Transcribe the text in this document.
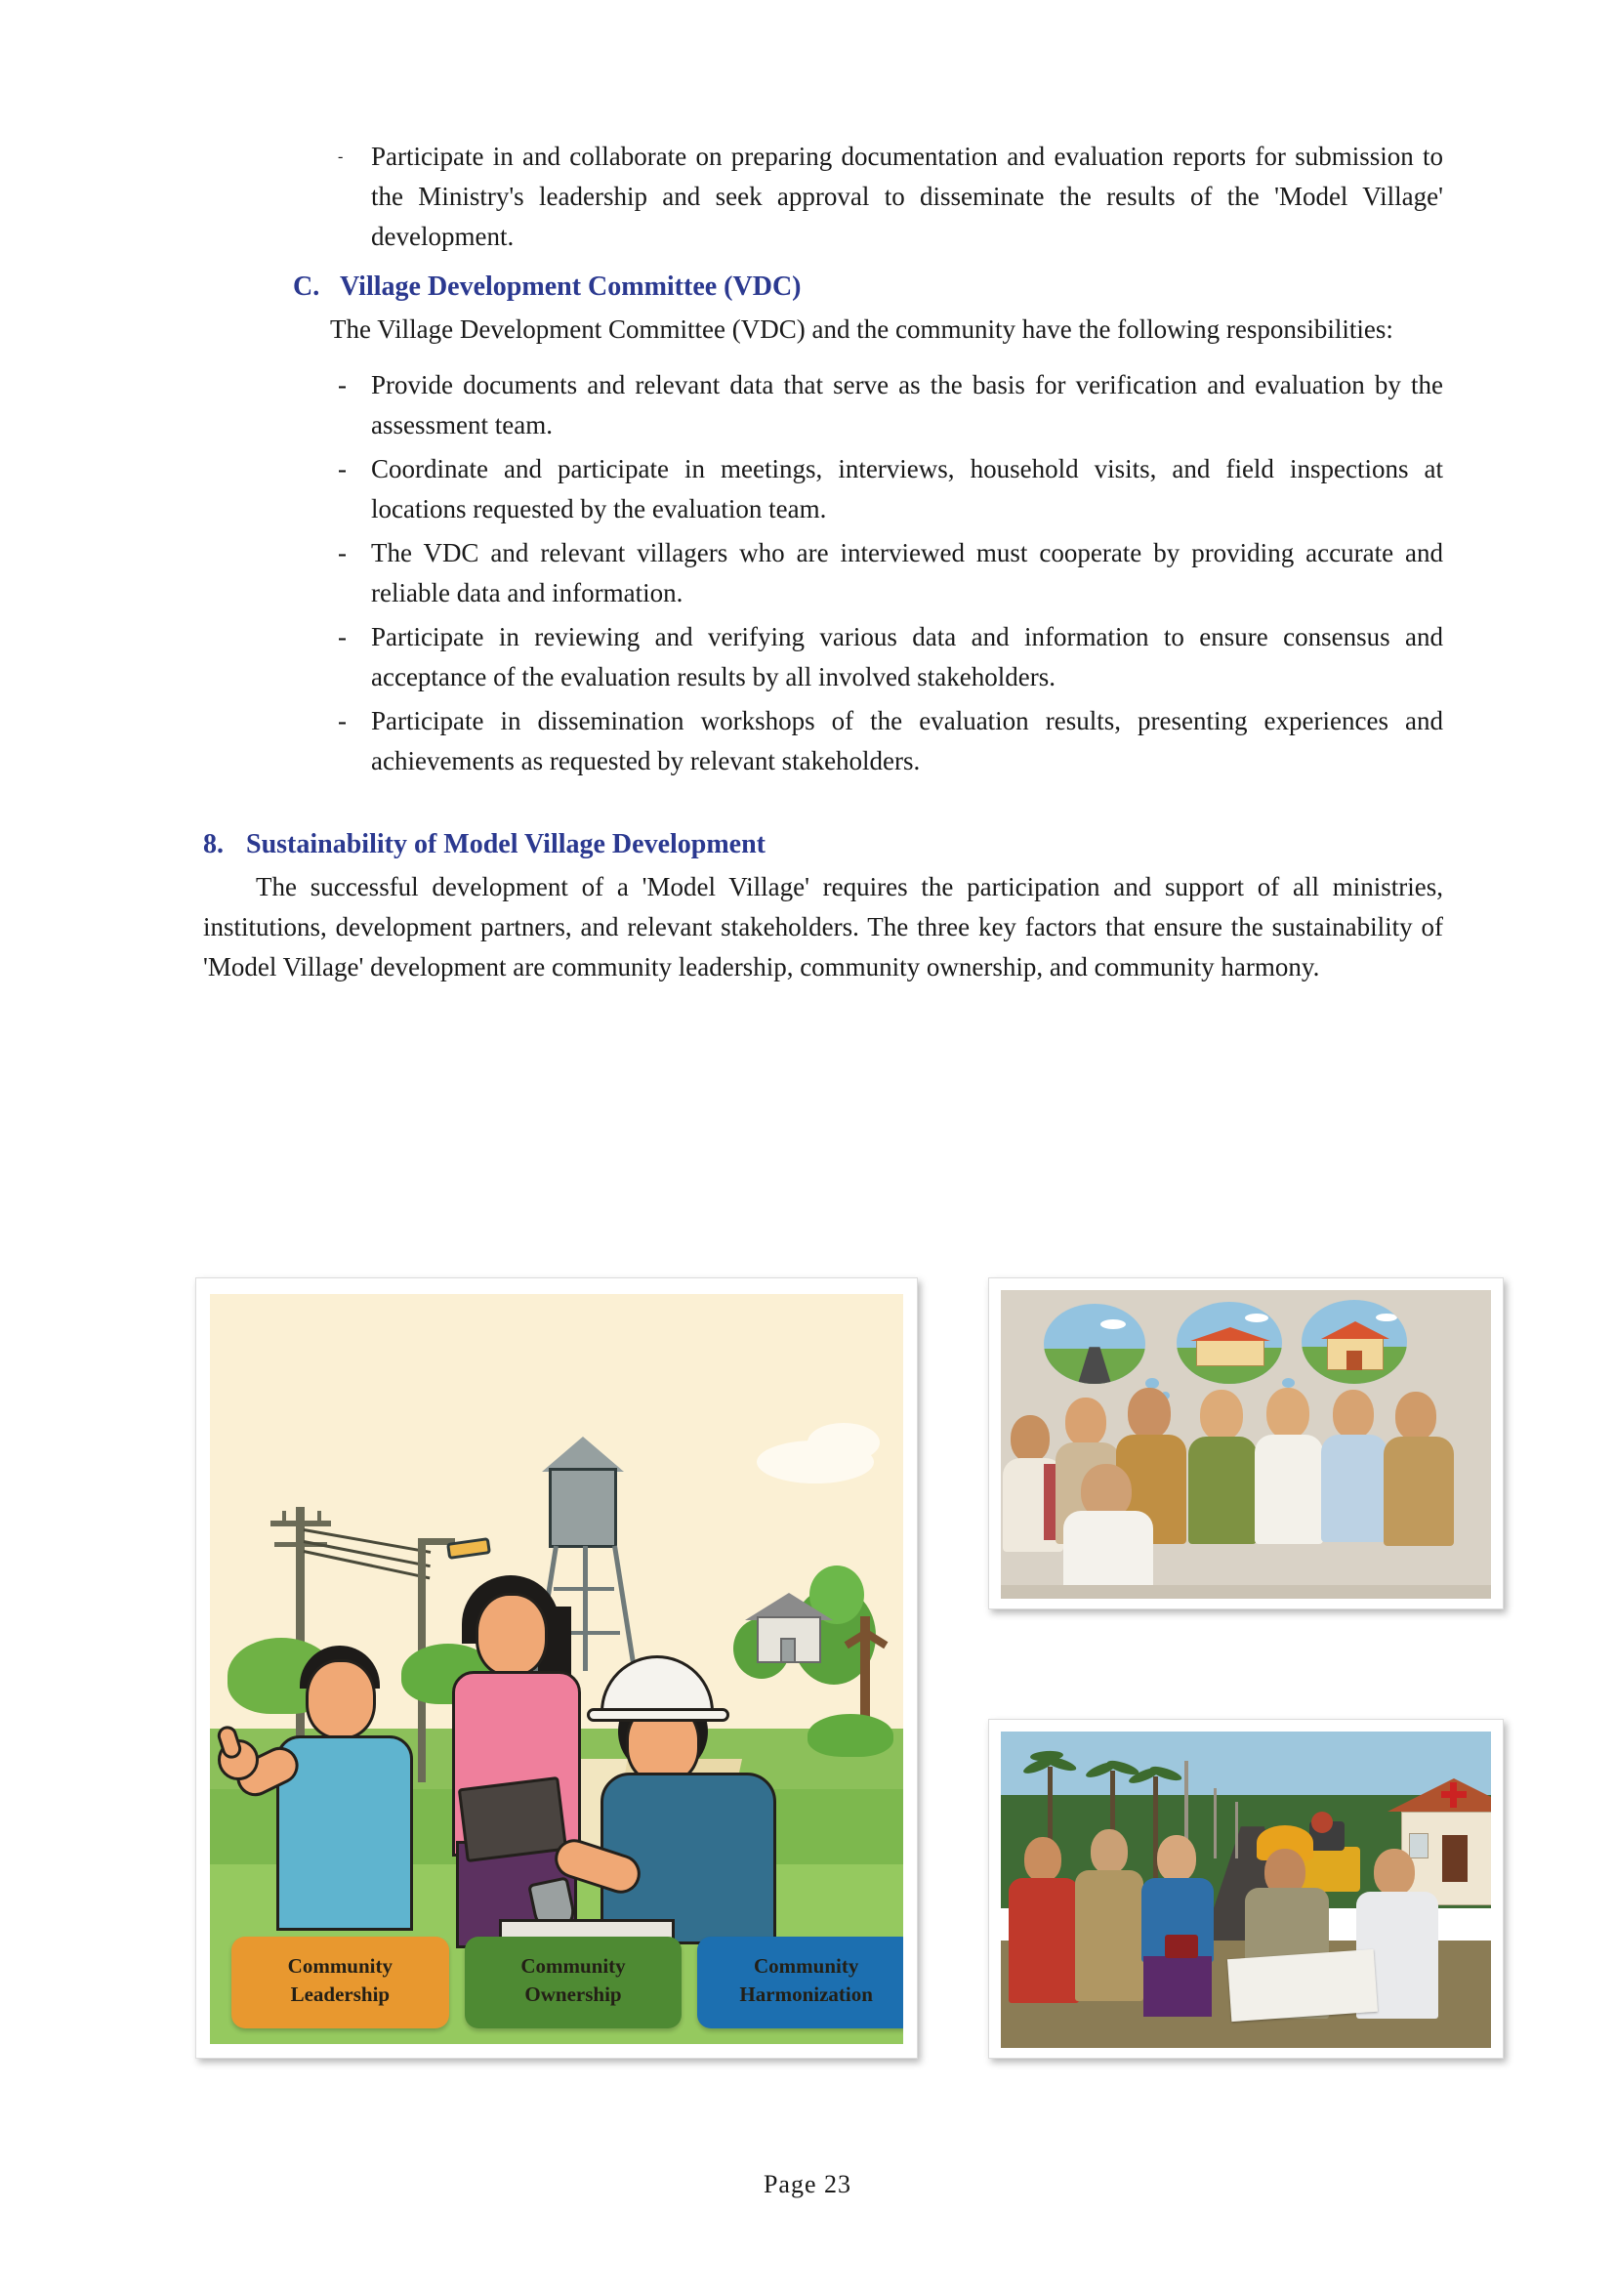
-	Participate in and collaborate on preparing documentation and evaluation reports for submission to the Ministry's leadership and seek approval to disseminate the results of the 'Model Village' development.
C. Village Development Committee (VDC)
The Village Development Committee (VDC) and the community have the following responsibilities:
- Provide documents and relevant data that serve as the basis for verification and evaluation by the assessment team.
- Coordinate and participate in meetings, interviews, household visits, and field inspections at locations requested by the evaluation team.
- The VDC and relevant villagers who are interviewed must cooperate by providing accurate and reliable data and information.
- Participate in reviewing and verifying various data and information to ensure consensus and acceptance of the evaluation results by all involved stakeholders.
- Participate in dissemination workshops of the evaluation results, presenting experiences and achievements as requested by relevant stakeholders.
8. Sustainability of Model Village Development
The successful development of a 'Model Village' requires the participation and support of all ministries, institutions, development partners, and relevant stakeholders. The three key factors that ensure the sustainability of 'Model Village' development are community leadership, community ownership, and community harmony.
Community
Leadership
Community
Ownership
Community
Harmonization
Page 23
